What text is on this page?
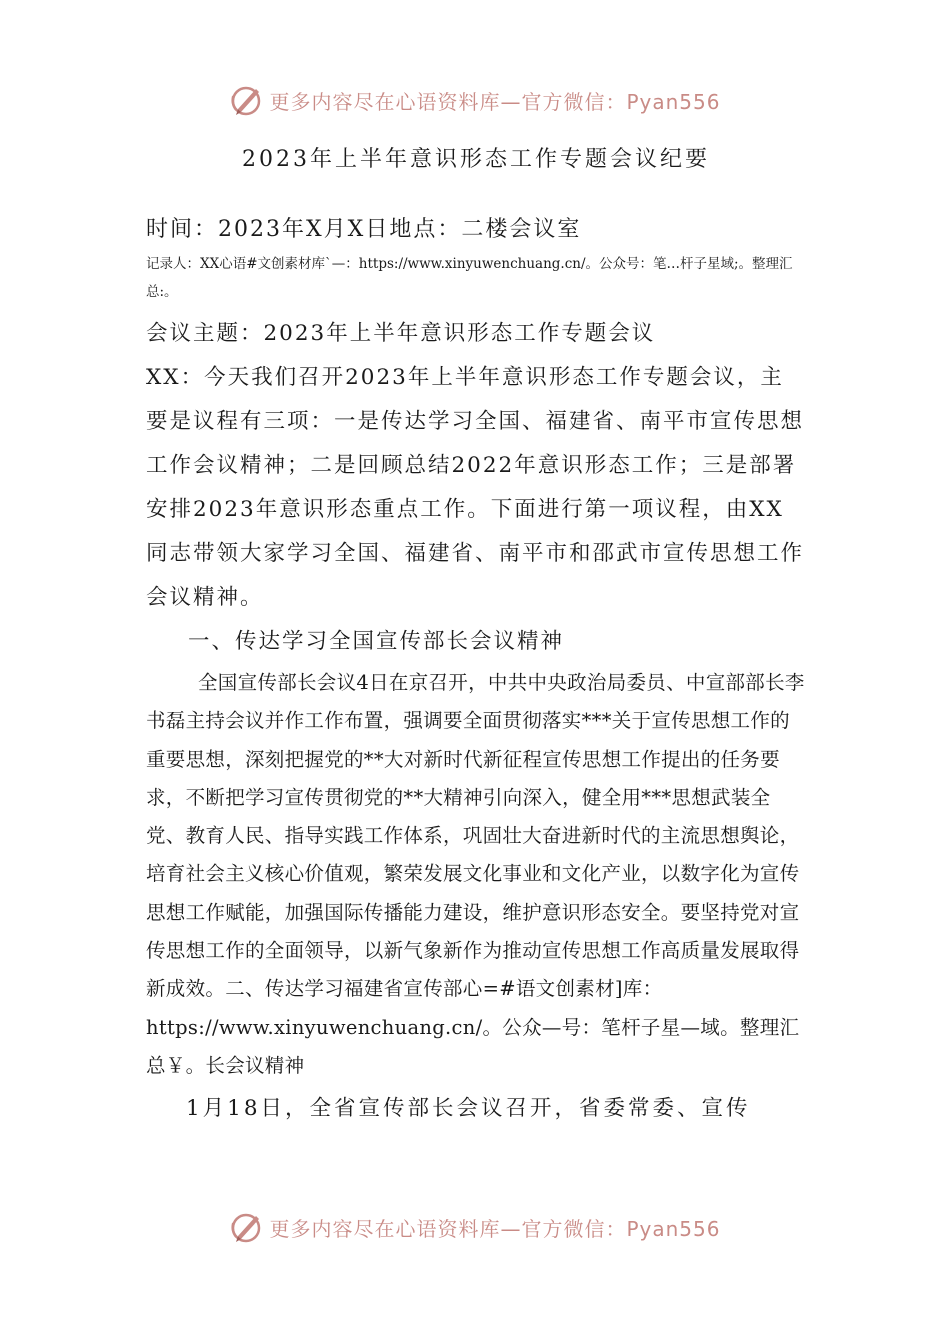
更多内容尽在心语资料库—官方微信：Pyan556

2023年上半年意识形态工作专题会议纪要

时间：2023年X月X日地点：二楼会议室

记录人：XX心语#文创素材库`—：https://www.xinyuwenchuang.cn/。公众号：笔…杆子星域;。整理汇总:。

会议主题：2023年上半年意识形态工作专题会议

XX：今天我们召开2023年上半年意识形态工作专题会议，主要是议程有三项：一是传达学习全国、福建省、南平市宣传思想工作会议精神；二是回顾总结2022年意识形态工作；三是部署安排2023年意识形态重点工作。下面进行第一项议程，由XX同志带领大家学习全国、福建省、南平市和邵武市宣传思想工作会议精神。

一、传达学习全国宣传部长会议精神

全国宣传部长会议4日在京召开，中共中央政治局委员、中宣部部长李书磊主持会议并作工作布置，强调要全面贯彻落实***关于宣传思想工作的重要思想，深刻把握党的**大对新时代新征程宣传思想工作提出的任务要求，不断把学习宣传贯彻党的**大精神引向深入，健全用***思想武装全党、教育人民、指导实践工作体系，巩固壮大奋进新时代的主流思想舆论，培育社会主义核心价值观，繁荣发展文化事业和文化产业，以数字化为宣传思想工作赋能，加强国际传播能力建设，维护意识形态安全。要坚持党对宣传思想工作的全面领导，以新气象新作为推动宣传思想工作高质量发展取得新成效。二、传达学习福建省宣传部心=#语文创素材]库：https://www.xinyuwenchuang.cn/。公众—号：笔杆子星—域。整理汇总￥。长会议精神

1月18日，全省宣传部长会议召开，省委常委、宣传

更多内容尽在心语资料库—官方微信：Pyan556
